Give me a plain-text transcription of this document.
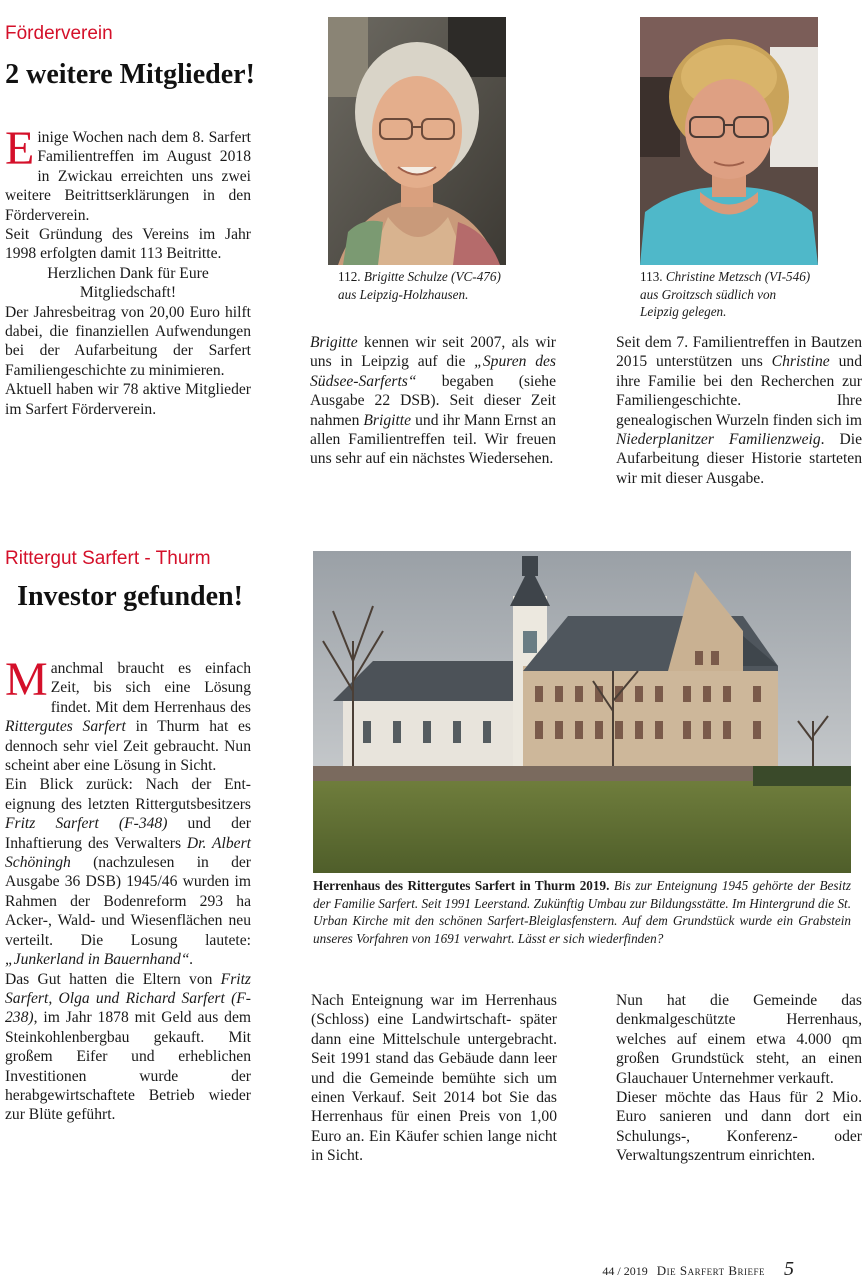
Förderverein
2 weitere Mitglieder!

Einige Wochen nach dem 8. Sarfert Familientreffen im August 2018 in Zwickau erreichten uns zwei weitere Beitrittserklärungen in den Förderverein.

Seit Gründung des Vereins im Jahr 1998 erfolgten damit 113 Beitritte.

Herzlichen Dank für Eure Mitgliedschaft!

Der Jahresbeitrag von 20,00 Euro hilft dabei, die finanziellen Aufwendungen bei der Aufarbeitung der Sarfert Familiengeschichte zu minimieren.

Aktuell haben wir 78 aktive Mitglieder im Sarfert Förderverein.

112. Brigitte Schulze (VC-476) aus Leipzig-Holzhausen.

Brigitte kennen wir seit 2007, als wir uns in Leipzig auf die „Spuren des Südsee-Sarferts“ begaben (siehe Ausgabe 22 DSB). Seit dieser Zeit nahmen Brigitte und ihr Mann Ernst an allen Familientreffen teil. Wir freuen uns sehr auf ein nächstes Wiedersehen.

113. Christine Metzsch (VI-546) aus Groitzsch südlich von Leipzig gelegen.

Seit dem 7. Familientreffen in Bautzen 2015 unterstützen uns Christine und ihre Familie bei den Recherchen zur Familiengeschichte. Ihre genealogischen Wurzeln finden sich im Niederplanitzer Familienzweig. Die Aufarbeitung dieser Historie starteten wir mit dieser Ausgabe.

Rittergut Sarfert - Thurm
Investor gefunden!

Manchmal braucht es einfach Zeit, bis sich eine Lösung findet. Mit dem Herrenhaus des Rittergutes Sarfert in Thurm hat es dennoch sehr viel Zeit gebraucht. Nun scheint aber eine Lösung in Sicht.

Ein Blick zurück: Nach der Enteignung des letzten Rittergutsbesitzers Fritz Sarfert (F-348) und der Inhaftierung des Verwalters Dr. Albert Schöningh (nachzulesen in der Ausgabe 36 DSB) 1945/46 wurden im Rahmen der Bodenreform 293 ha Acker-, Wald- und Wiesenflächen neu verteilt. Die Losung lautete: „Junkerland in Bauernhand“.

Das Gut hatten die Eltern von Fritz Sarfert, Olga und Richard Sarfert (F-238), im Jahr 1878 mit Geld aus dem Steinkohlenbergbau gekauft. Mit großem Eifer und erheblichen Investitionen wurde der herabgewirtschaftete Betrieb wieder zur Blüte geführt.

Herrenhaus des Rittergutes Sarfert in Thurm 2019. Bis zur Enteignung 1945 gehörte der Besitz der Familie Sarfert. Seit 1991 Leerstand. Zukünftig Umbau zur Bildungsstätte. Im Hintergrund die St. Urban Kirche mit den schönen Sarfert-Bleiglasfenstern. Auf dem Grundstück wurde ein Grabstein unseres Vorfahren von 1691 verwahrt. Lässt er sich wiederfinden?

Nach Enteignung war im Herrenhaus (Schloss) eine Landwirtschaft- später dann eine Mittelschule untergebracht. Seit 1991 stand das Gebäude dann leer und die Gemeinde bemühte sich um einen Verkauf. Seit 2014 bot Sie das Herrenhaus für einen Preis von 1,00 Euro an. Ein Käufer schien lange nicht in Sicht.

Nun hat die Gemeinde das denkmalgeschützte Herrenhaus, welches auf einem etwa 4.000 qm großen Grundstück steht, an einen Glauchauer Unternehmer verkauft.

Dieser möchte das Haus für 2 Mio. Euro sanieren und dann dort ein Schulungs-, Konferenz- oder Verwaltungszentrum einrichten.

44 / 2019 Die Sarfert Briefe 5
